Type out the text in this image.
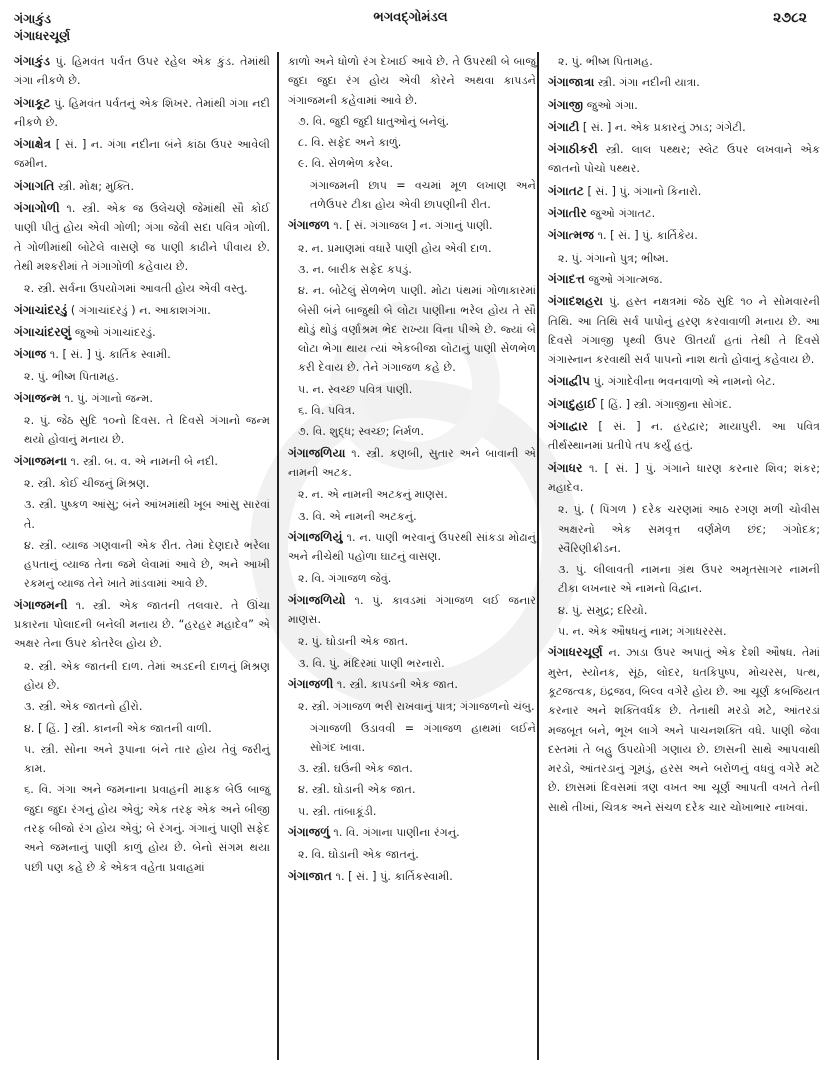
ગંગાકુંડ
ગંગાધરચૂર્ણ
ભગવદ્ગોમંડલ	૨૭૮૨
ગંગાકુંડ પું. હિમવંત પર્વત ઉપર રહેલ એક કુંડ. તેમાંથી ગંગા નીકળે છે.
ગંગાકૂટ પું. હિમવંત પર્વતનું એક શિખર. તેમાંથી ગંગા નદી નીકળે છે.
ગંગાક્ષેત્ર [ સં. ] ન. ગંગા નદીના બંને કાંઠા ઉપર આવેલી જમીન.
ગંગાગતિ સ્ત્રી. મોક્ષ; મુક્તિ.
ગંગાગોળી ૧. સ્ત્રી. એક જ ઉલેચણે જેમાંથી સૌ કોઈ પાણી પીતું હોય એવી ગોળી; ગંગા જેવી સદા પવિત્ર ગોળી. તે ગોળીમાંથી બોટેલે વાસણે જ પાણી કાઢીને પીવાય છે. તેથી મશ્કરીમાં તે ગંગાગોળી કહેવાય છે.
૨. સ્ત્રી. સર્વના ઉપયોગમાં આવતી હોય એવી વસ્તુ.
ગંગાચાંદરડું ( ગંગાચાંદરડું ) ન. આકાશગંગા.
ગંગાચાંદરણું જુઓ ગંગાચાંદરડું.
ગંગાજ ૧. [ સં. ] પું. કાર્તિક સ્વામી.
૨. પું. ભીષ્મ પિતામહ.
ગંગાજન્મ ૧. પું. ગંગાનો જન્મ.
૨. પું. જેઠ સુદિ ૧૦નો દિવસ. તે દિવસે ગંગાનો જન્મ થયો હોવાનું મનાય છે.
ગંગાજમના ૧. સ્ત્રી. બ. વ. એ નામની બે નદી.
૨. સ્ત્રી. કોઈ ચીજનું મિશ્રણ.
૩. સ્ત્રી. પુષ્કળ આંસુ; બંને આંખમાંથી ખૂબ આંસુ સારવાં તે.
૪. સ્ત્રી. વ્યાજ ગણવાની એક રીત. તેમાં દેણદારે ભરેલા હપતાનું વ્યાજ તેના જમે લેવામાં આવે છે, અને આખી રકમનું વ્યાજ તેને ખાતે માંડવામાં આવે છે.
ગંગાજમની ૧. સ્ત્રી. એક જાતની તલવાર. તે ઊંચા પ્રકારના પોલાદની બનેલી મનાય છે. “હરહર મહાદેવ” એ અક્ષર તેના ઉપર કોતરેલ હોય છે.
૨. સ્ત્રી. એક જાતની દાળ. તેમાં અડદની દાળનું મિશ્રણ હોય છે.
૩. સ્ત્રી. એક જાતનો હીરો.
૪. [ હિં. ] સ્ત્રી. કાનની એક જાતની વાળી.
૫. સ્ત્રી. સોના અને રૂપાના બંને તાર હોય તેવું જરીનું કામ.
૬. વિ. ગંગા અને જમનાના પ્રવાહની માફક બેઉ બાજુ જુદા જુદા રંગનું હોય એવું; એક તરફ એક અને બીજી તરફ બીજો રંગ હોય એવું; બે રંગનું. ગંગાનું પાણી સફેદ અને જમનાનું પાણી કાળું હોય છે. બેનો સંગમ થયા પછી પણ કહે છે કે એકત્ર વહેતા પ્રવાહમાં
કાળો અને ધોળો રંગ દેખાઈ આવે છે. તે ઉપરથી બે બાજુ જુદા જુદા રંગ હોય એવી કોરને અથવા કાપડને ગંગાજમની કહેવામાં આવે છે.
૭. વિ. જુદી જુદી ધાતુઓનું બનેલું.
૮. વિ. સફેદ અને કાળું.
૯. વિ. સેળભેળ કરેલ.
ગંગાજમની છાપ = વચમાં મૂળ લખાણ અને તળેઉપર ટીકા હોય એવી છાપણીની રીત.
ગંગાજળ ૧. [ સં. ગંગાજલ ] ન. ગંગાનું પાણી.
૨. ન. પ્રમાણમાં વધારે પાણી હોય એવી દાળ.
૩. ન. બારીક સફેદ કપડું.
૪. ન. બોટેલું સેળભેળ પાણી. મોટા પંથમાં ગોળાકારમાં બેસી બંને બાજુથી બે લોટા પાણીના ભરેલ હોય તે સૌ થોડું થોડું વર્ણાશ્રમ ભેદ રાખ્યા વિના પીએ છે. જ્યાં બે લોટા ભેગા થાય ત્યાં એકબીજા લોટાનું પાણી સેળભેળ કરી દેવાય છે. તેને ગંગાજળ કહે છે.
૫. ન. સ્વચ્છ પવિત્ર પાણી.
૬. વિ. પવિત્ર.
૭. વિ. શુદ્ધ; સ્વચ્છ; નિર્મળ.
ગંગાજળિયા ૧. સ્ત્રી. કણબી, સુતાર અને બાવાની એ નામની અટક.
૨. ન. એ નામની અટકનું માણસ.
૩. વિ. એ નામની અટકનું.
ગંગાજળિયું ૧. ન. પાણી ભરવાનું ઉપરથી સાંકડા મોઢાનું અને નીચેથી પહોળા ઘાટનું વાસણ.
૨. વિ. ગંગાજળ જેવું.
ગંગાજળિયો ૧. પું. કાવડમાં ગંગાજળ લઈ જનાર માણસ.
૨. પું. ઘોડાની એક જાત.
૩. વિ. પું. મંદિરમાં પાણી ભરનારો.
ગંગાજળી ૧. સ્ત્રી. કાપડની એક જાત.
૨. સ્ત્રી. ગંગાજળ ભરી રાખવાનું પાત્ર; ગંગાજળનો ચંબુ.
ગંગાજળી ઉડાવવી = ગંગાજળ હાથમાં લઈને સોગંદ ખાવા.
૩. સ્ત્રી. ઘઉંની એક જાત.
૪. સ્ત્રી. ઘોડાની એક જાત.
૫. સ્ત્રી. તાંબાકૂંડી.
ગંગાજળું ૧. વિ. ગંગાના પાણીના રંગનું.
૨. વિ. ઘોડાની એક જાતનું.
ગંગાજાત ૧. [ સં. ] પું. કાર્તિકસ્વામી.
૨. પું. ભીષ્મ પિતામહ.
ગંગાજાત્રા સ્ત્રી. ગંગા નદીની યાત્રા.
ગંગાજી જુઓ ગંગા.
ગંગાટી [ સં. ] ન. એક પ્રકારનું ઝાડ; ગંગેટી.
ગંગાઠીકરી સ્ત્રી. લાલ પથ્થર; સ્લેટ ઉપર લખવાને એક જાતનો પોચો પથ્થર.
ગંગાતટ [ સં. ] પું. ગંગાનો કિનારો.
ગંગાતીર જુઓ ગંગાતટ.
ગંગાત્મજ ૧. [ સં. ] પું. કાર્તિકેય.
૨. પું. ગંગાનો પુત્ર; ભીષ્મ.
ગંગાદત્ત જુઓ ગંગાત્મજ.
ગંગાદશહરા પું. હસ્ત નક્ષત્રમાં જેઠ સુદિ ૧૦ ને સોમવારની તિથિ. આ તિથિ સર્વ પાપોનું હરણ કરવાવાળી મનાય છે. આ દિવસે ગંગાજી પૃથ્વી ઉપર ઊતર્યાં હતાં તેથી તે દિવસે ગંગાસ્નાન કરવાથી સર્વ પાપનો નાશ થતો હોવાનું કહેવાય છે.
ગંગાદ્વીપ પું. ગંગાદેવીના ભવનવાળો એ નામનો બેટ.
ગંગાદુહાઈ [ હિં. ] સ્ત્રી. ગંગાજીના સોગંદ.
ગંગાદ્વાર [ સં. ] ન. હરદ્વાર; માયાપુરી. આ પવિત્ર તીર્થસ્થાનમાં પ્રતીપે તપ કર્યું હતું.
ગંગાધર ૧. [ સં. ] પું. ગંગાને ધારણ કરનાર શિવ; શંકર; મહાદેવ.
૨. પું. ( પિંગળ ) દરેક ચરણમાં આઠ રગણ મળી ચોવીસ અક્ષરનો એક સમવૃત્ત વર્ણમેળ છંદ; ગંગોદક; સ્વૈરિણીક્રીડન.
૩. પું. લીલાવતી નામના ગ્રંથ ઉપર અમૃતસાગર નામની ટીકા લખનાર એ નામનો વિદ્વાન.
૪. પું. સમુદ્ર; દરિયો.
૫. ન. એક ઔષધનું નામ; ગંગાધરરસ.
ગંગાધરચૂર્ણ ન. ઝાડા ઉપર અપાતું એક દેશી ઔષધ. તેમાં મુસ્ત, સ્યોનક, સૂંઠ, લોદર, ધતકિપુષ્પ, મોચરસ, પત્થ, કૂટજત્વક, ઇંદ્રજવ, બિલ્વ વગેરે હોય છે. આ ચૂર્ણ કબજિયત કરનાર અને શક્તિવર્ધક છે. તેનાથી મરડો મટે, આંતરડાં મજબૂત બને, ભૂખ લાગે અને પાચનશક્તિ વધે. પાણી જેવા દસ્તમાં તે બહુ ઉપયોગી ગણાય છે. છાસની સાથે આપવાથી મરડો, આંતરડાનું ગૂમડું, હરસ અને બરોળનું વધવું વગેરે મટે છે. છાસમાં દિવસમાં ત્રણ વખત આ ચૂર્ણ આપતી વખતે તેની સાથે તીખાં, ચિત્રક અને સંચળ દરેક ચાર ચોખાભાર નાખવાં.
